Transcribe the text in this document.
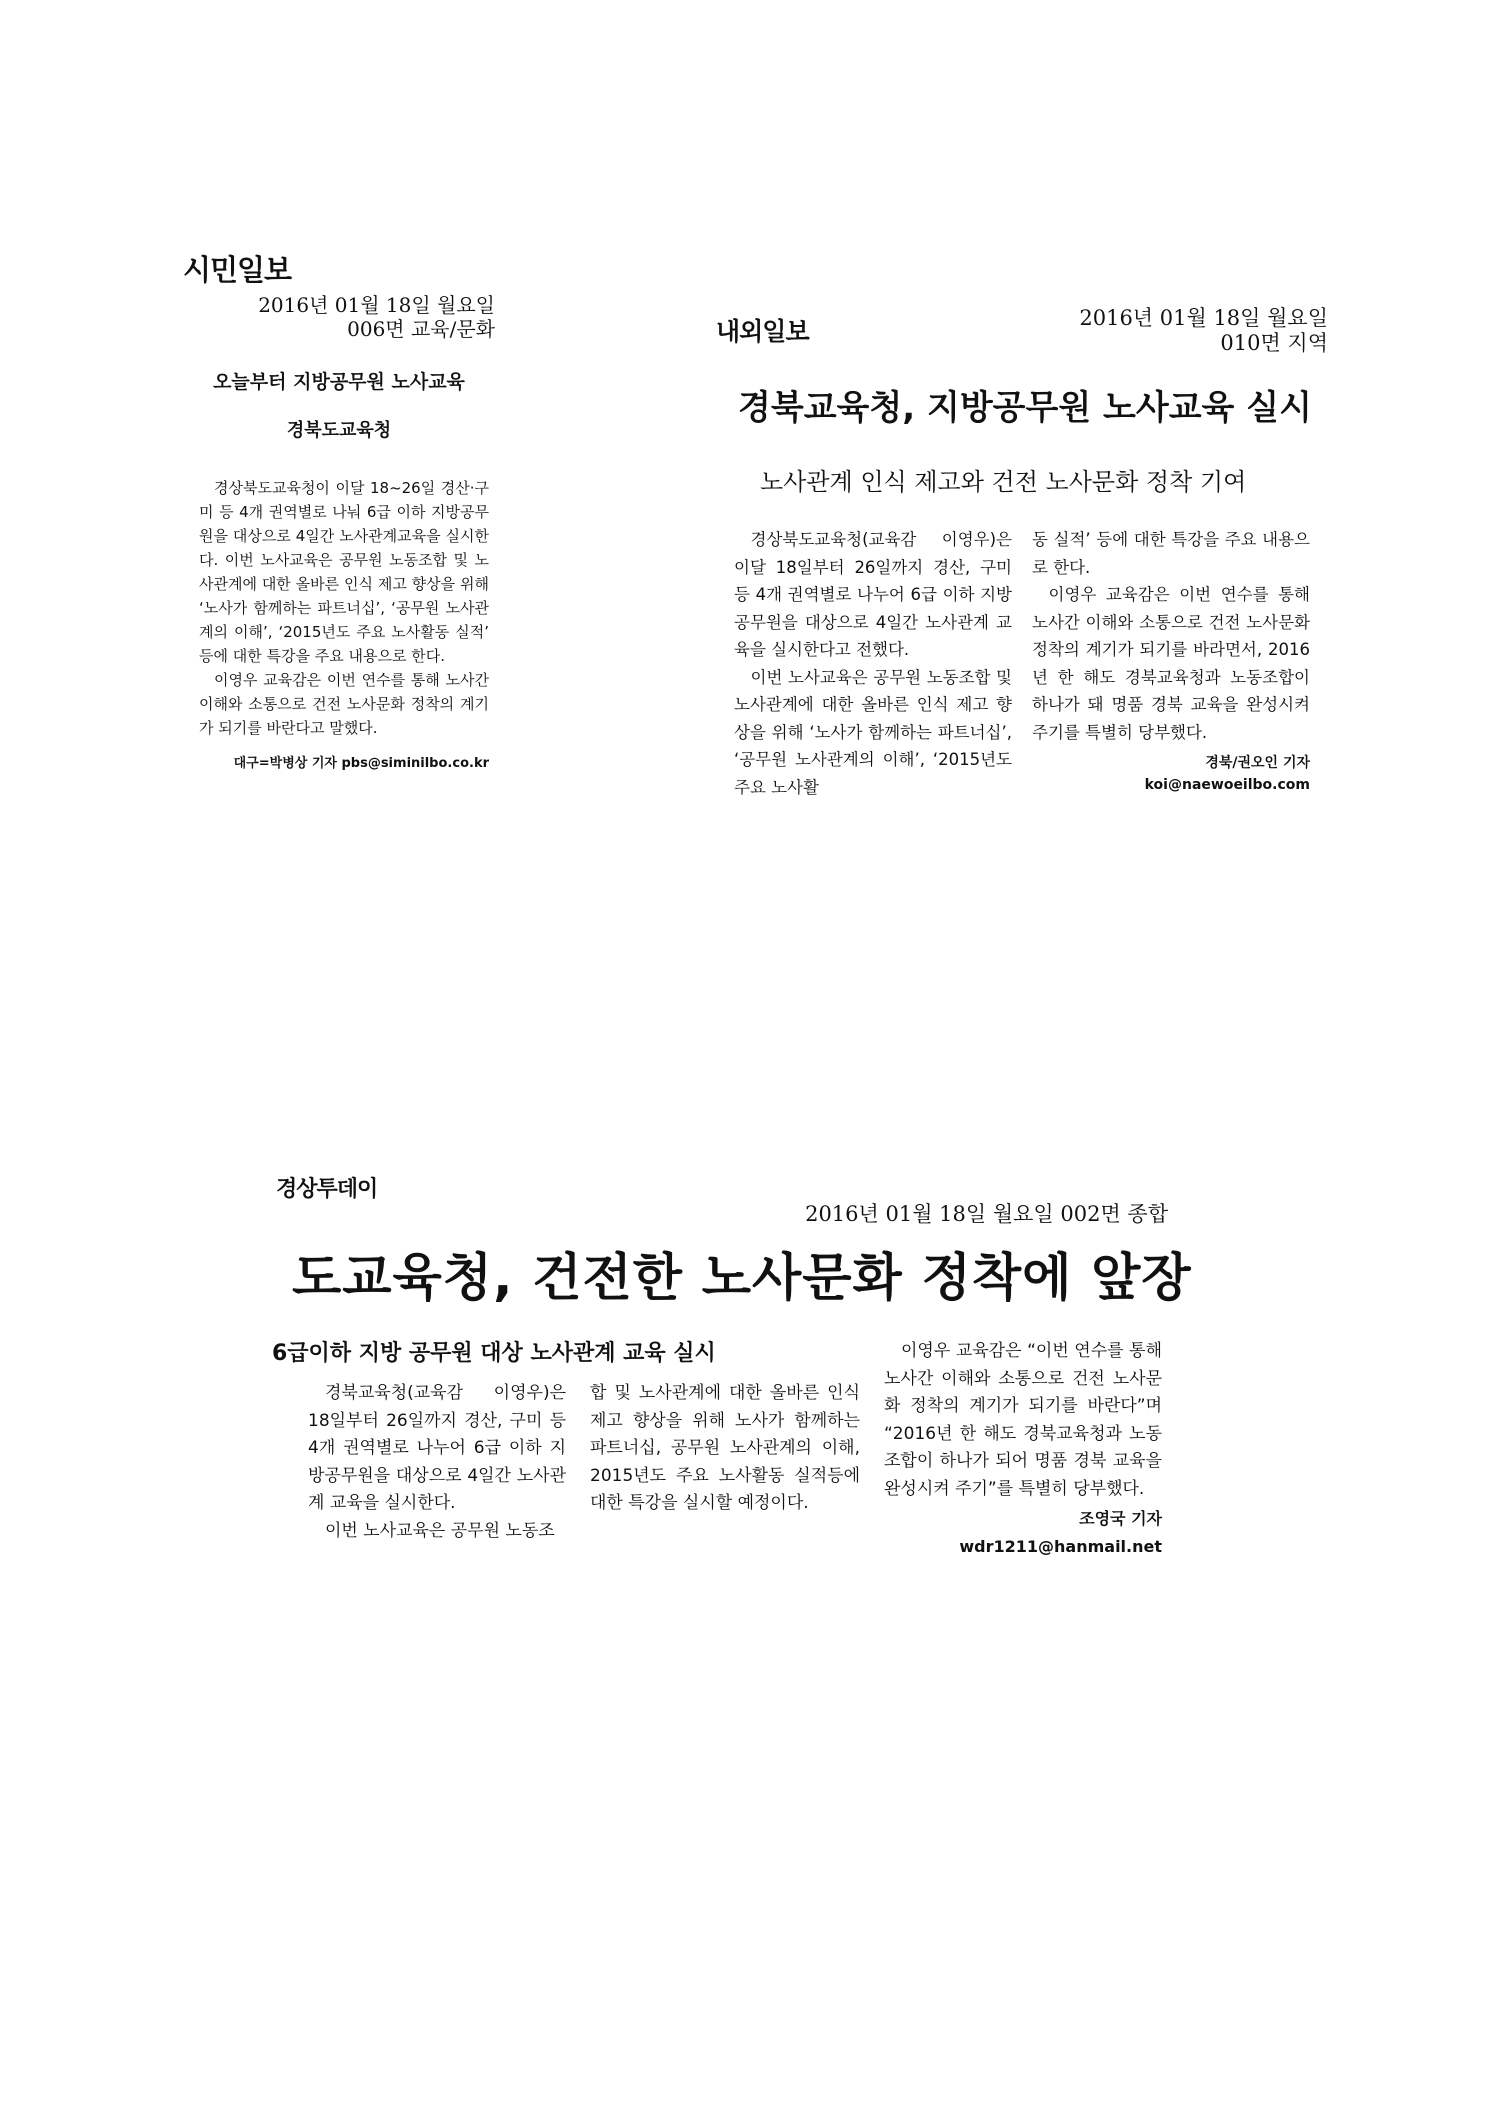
시민일보
2016년 01월 18일 월요일
006면 교육/문화
오늘부터 지방공무원 노사교육
경북도교육청

경상북도교육청이 이달 18~26일 경산·구미 등 4개 권역별로 나눠 6급 이하 지방공무원을 대상으로 4일간 노사관계교육을 실시한다. 이번 노사교육은 공무원 노동조합 및 노사관계에 대한 올바른 인식 제고 향상을 위해 ‘노사가 함께하는 파트너십’, ‘공무원 노사관계의 이해’, ‘2015년도 주요 노사활동 실적’ 등에 대한 특강을 주요 내용으로 한다.

이영우 교육감은 이번 연수를 통해 노사간 이해와 소통으로 건전 노사문화 정착의 계기가 되기를 바란다고 말했다.

대구=박병상 기자 pbs@siminilbo.co.kr
내외일보	2016년 01월 18일 월요일
010면 지역
경북교육청, 지방공무원 노사교육 실시
노사관계 인식 제고와 건전 노사문화 정착 기여

경상북도교육청(교육감 이영우)은 이달 18일부터 26일까지 경산, 구미 등 4개 권역별로 나누어 6급 이하 지방공무원을 대상으로 4일간 노사관계 교육을 실시한다고 전했다.

이번 노사교육은 공무원 노동조합 및 노사관계에 대한 올바른 인식 제고 향상을 위해 ‘노사가 함께하는 파트너십’, ‘공무원 노사관계의 이해’, ‘2015년도 주요 노사활

동 실적’ 등에 대한 특강을 주요 내용으로 한다.

이영우 교육감은 이번 연수를 통해 노사간 이해와 소통으로 건전 노사문화 정착의 계기가 되기를 바라면서, 2016년 한 해도 경북교육청과 노동조합이 하나가 돼 명품 경북 교육을 완성시켜 주기를 특별히 당부했다.

경북/권오인 기자
koi@naewoeilbo.com
경상투데이
2016년 01월 18일 월요일 002면 종합
도교육청, 건전한 노사문화 정착에 앞장
6급이하 지방 공무원 대상 노사관계 교육 실시

경북교육청(교육감 이영우)은 18일부터 26일까지 경산, 구미 등 4개 권역별로 나누어 6급 이하 지방공무원을 대상으로 4일간 노사관계 교육을 실시한다.

이번 노사교육은 공무원 노동조

합 및 노사관계에 대한 올바른 인식 제고 향상을 위해 노사가 함께하는 파트너십, 공무원 노사관계의 이해, 2015년도 주요 노사활동 실적등에 대한 특강을 실시할 예정이다.

이영우 교육감은 “이번 연수를 통해 노사간 이해와 소통으로 건전 노사문화 정착의 계기가 되기를 바란다”며 “2016년 한 해도 경북교육청과 노동조합이 하나가 되어 명품 경북 교육을 완성시켜 주기”를 특별히 당부했다.

조영국 기자wdr1211@hanmail.net
